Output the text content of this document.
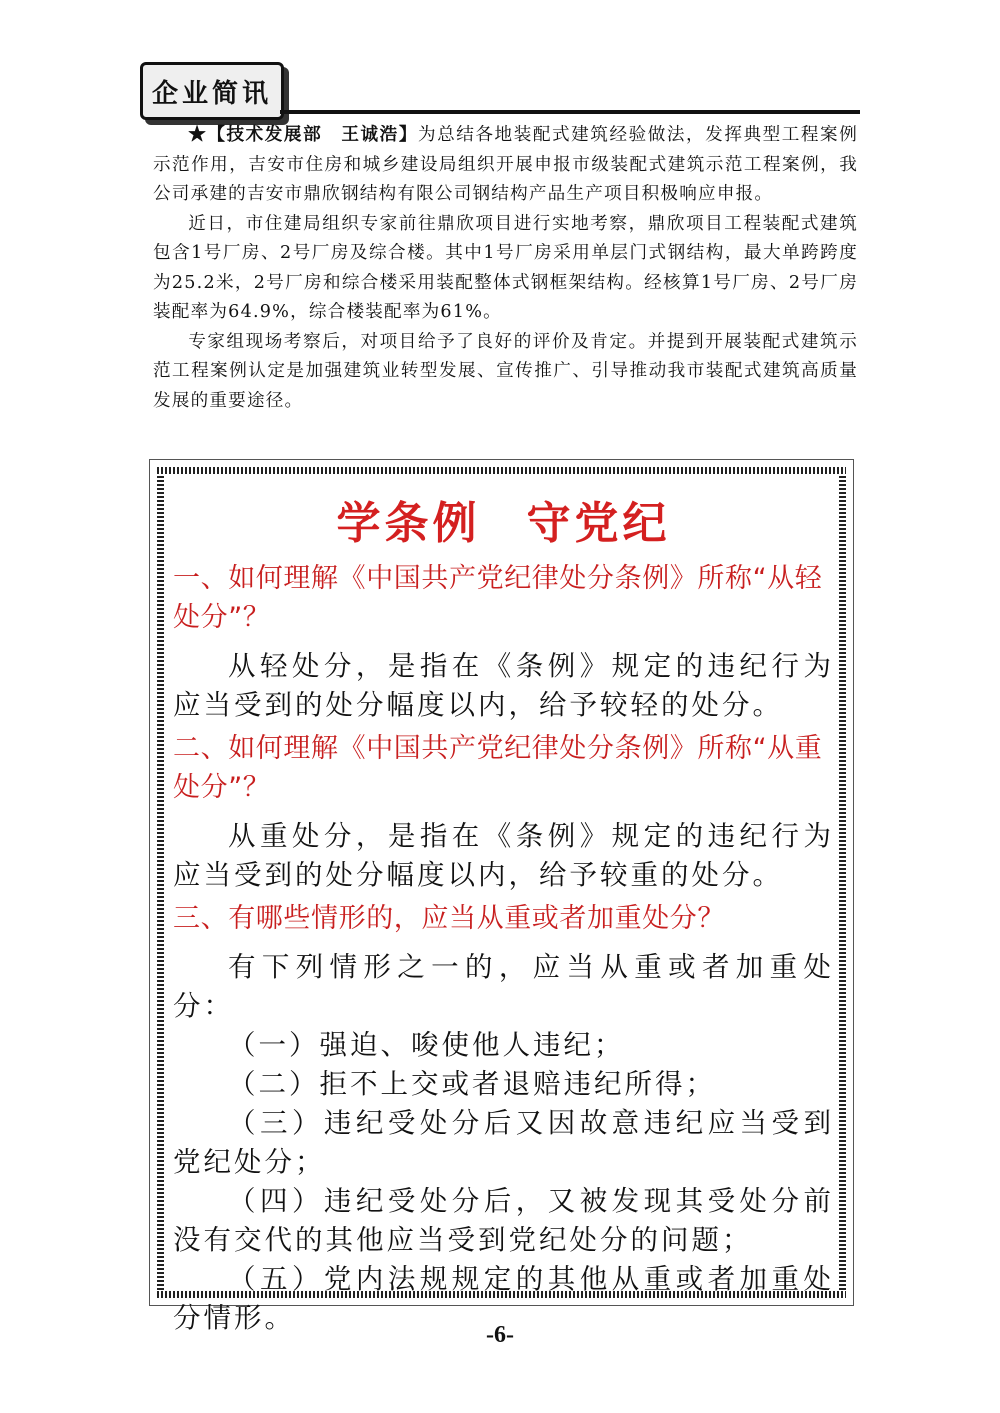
企业简讯

★【技术发展部　王诚浩】为总结各地装配式建筑经验做法，发挥典型工程案例示范作用，吉安市住房和城乡建设局组织开展申报市级装配式建筑示范工程案例，我公司承建的吉安市鼎欣钢结构有限公司钢结构产品生产项目积极响应申报。

近日，市住建局组织专家前往鼎欣项目进行实地考察，鼎欣项目工程装配式建筑包含1号厂房、2号厂房及综合楼。其中1号厂房采用单层门式钢结构，最大单跨跨度为25.2米，2号厂房和综合楼采用装配整体式钢框架结构。经核算1号厂房、2号厂房装配率为64.9%，综合楼装配率为61%。

专家组现场考察后，对项目给予了良好的评价及肯定。并提到开展装配式建筑示范工程案例认定是加强建筑业转型发展、宣传推广、引导推动我市装配式建筑高质量发展的重要途径。

学条例 守党纪

一、如何理解《中国共产党纪律处分条例》所称“从轻处分”？

从轻处分，是指在《条例》规定的违纪行为应当受到的处分幅度以内，给予较轻的处分。

二、如何理解《中国共产党纪律处分条例》所称“从重处分”？

从重处分，是指在《条例》规定的违纪行为应当受到的处分幅度以内，给予较重的处分。

三、有哪些情形的，应当从重或者加重处分？

有下列情形之一的，应当从重或者加重处分：

（一）强迫、唆使他人违纪；

（二）拒不上交或者退赔违纪所得；

（三）违纪受处分后又因故意违纪应当受到党纪处分；

（四）违纪受处分后，又被发现其受处分前没有交代的其他应当受到党纪处分的问题；

（五）党内法规规定的其他从重或者加重处分情形。

-6-
